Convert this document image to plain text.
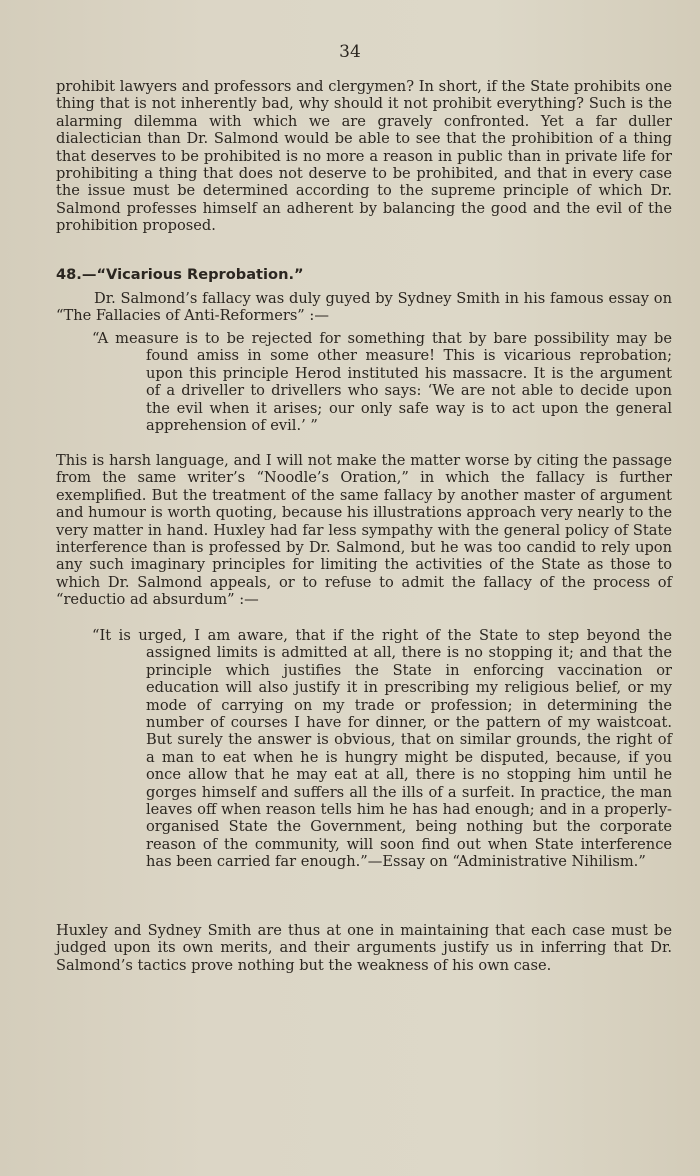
34

prohibit lawyers and professors and clergymen? In short, if the State prohibits one thing that is not inherently bad, why should it not prohibit everything? Such is the alarming dilemma with which we are gravely confronted. Yet a far duller dialectician than Dr. Salmond would be able to see that the prohibition of a thing that deserves to be prohibited is no more a reason in public than in private life for prohibiting a thing that does not deserve to be prohibited, and that in every case the issue must be determined according to the supreme principle of which Dr. Salmond professes himself an adherent by balancing the good and the evil of the prohibition proposed.

48.—“Vicarious Reprobation.”

Dr. Salmond’s fallacy was duly guyed by Sydney Smith in his famous essay on “The Fallacies of Anti-Reformers” :—

“A measure is to be rejected for something that by bare possibility may be found amiss in some other measure! This is vicarious reprobation; upon this principle Herod instituted his massacre. It is the argument of a driveller to drivellers who says: ‘We are not able to decide upon the evil when it arises; our only safe way is to act upon the general apprehension of evil.’ ”

This is harsh language, and I will not make the matter worse by citing the passage from the same writer’s “Noodle’s Oration,” in which the fallacy is further exemplified. But the treatment of the same fallacy by another master of argument and humour is worth quoting, because his illustrations approach very nearly to the very matter in hand. Huxley had far less sympathy with the general policy of State interference than is professed by Dr. Salmond, but he was too candid to rely upon any such imaginary principles for limiting the activities of the State as those to which Dr. Salmond appeals, or to refuse to admit the fallacy of the process of “reductio ad absurdum” :—

“It is urged, I am aware, that if the right of the State to step beyond the assigned limits is admitted at all, there is no stopping it; and that the principle which justifies the State in enforcing vaccination or education will also justify it in prescribing my religious belief, or my mode of carrying on my trade or profession; in determining the number of courses I have for dinner, or the pattern of my waistcoat. But surely the answer is obvious, that on similar grounds, the right of a man to eat when he is hungry might be disputed, because, if you once allow that he may eat at all, there is no stopping him until he gorges himself and suffers all the ills of a surfeit. In practice, the man leaves off when reason tells him he has had enough; and in a properly-organised State the Government, being nothing but the corporate reason of the community, will soon find out when State interference has been carried far enough.”—Essay on “Administrative Nihilism.”

Huxley and Sydney Smith are thus at one in maintaining that each case must be judged upon its own merits, and their arguments justify us in inferring that Dr. Salmond’s tactics prove nothing but the weakness of his own case.
